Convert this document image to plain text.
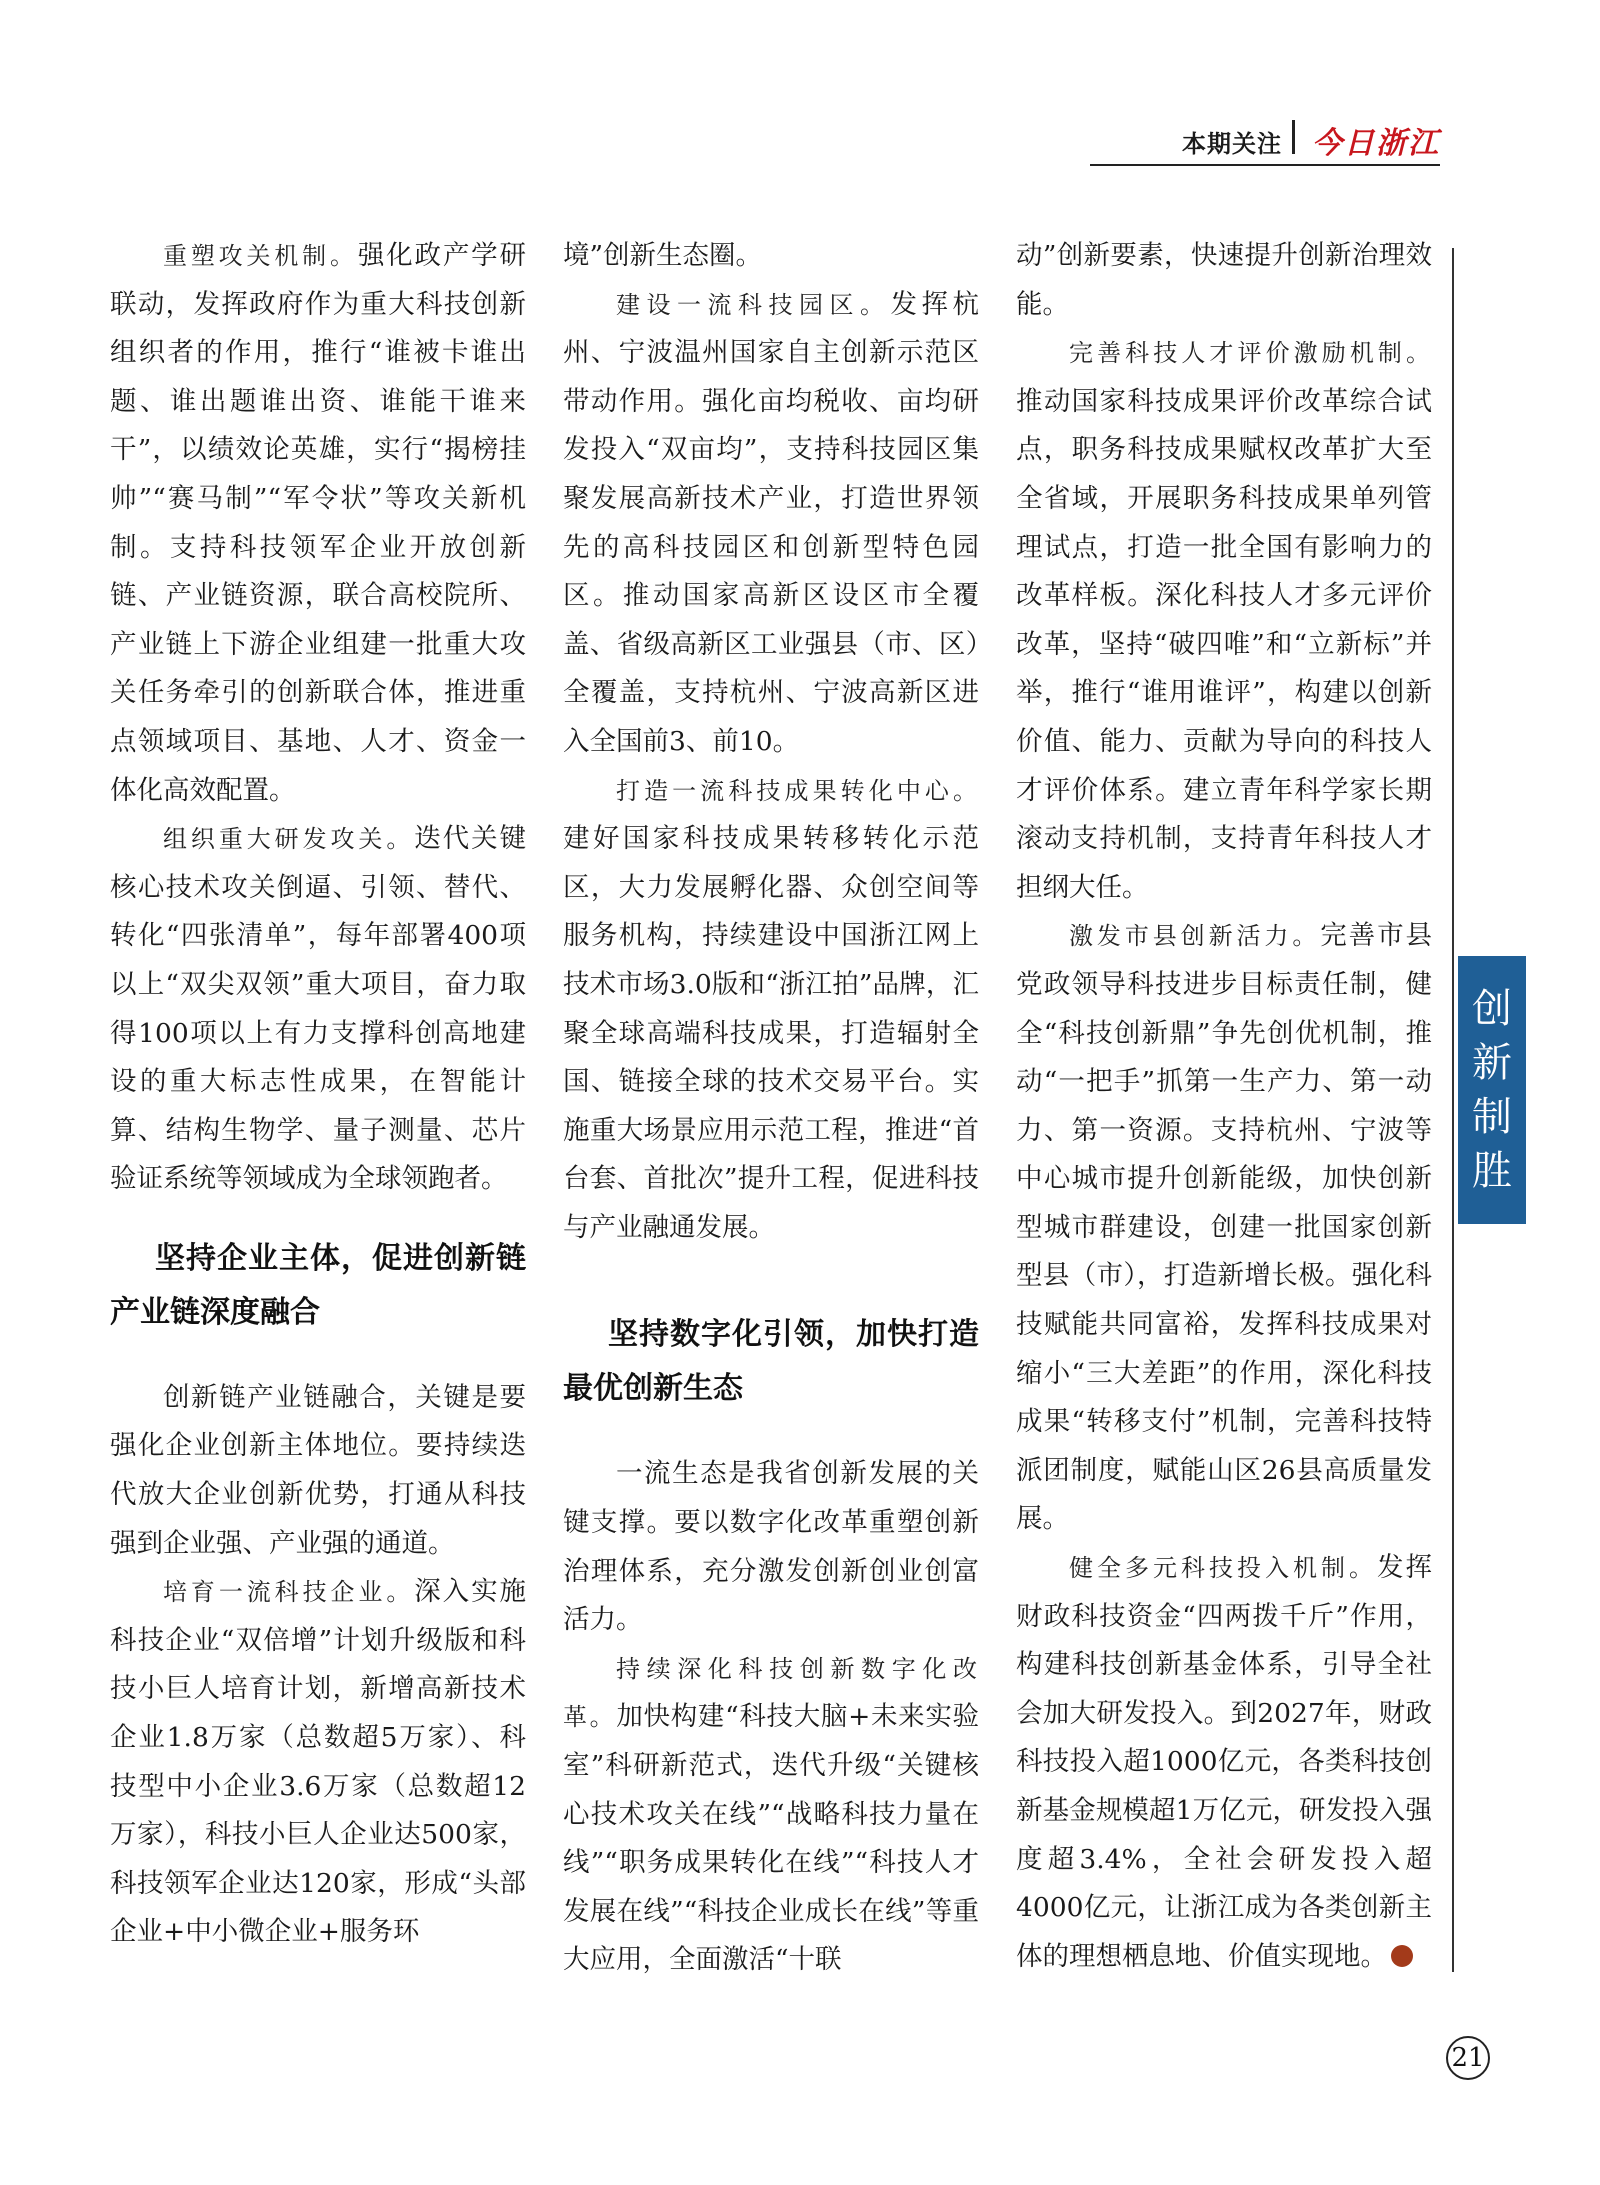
本期关注 今日浙江

重塑攻关机制。强化政产学研联动，发挥政府作为重大科技创新组织者的作用，推行“谁被卡谁出题、谁出题谁出资、谁能干谁来干”，以绩效论英雄，实行“揭榜挂帅”“赛马制”“军令状”等攻关新机制。支持科技领军企业开放创新链、产业链资源，联合高校院所、产业链上下游企业组建一批重大攻关任务牵引的创新联合体，推进重点领域项目、基地、人才、资金一体化高效配置。

组织重大研发攻关。迭代关键核心技术攻关倒逼、引领、替代、转化“四张清单”，每年部署400项以上“双尖双领”重大项目，奋力取得100项以上有力支撑科创高地建设的重大标志性成果，在智能计算、结构生物学、量子测量、芯片验证系统等领域成为全球领跑者。

坚持企业主体，促进创新链产业链深度融合

创新链产业链融合，关键是要强化企业创新主体地位。要持续迭代放大企业创新优势，打通从科技强到企业强、产业强的通道。

培育一流科技企业。深入实施科技企业“双倍增”计划升级版和科技小巨人培育计划，新增高新技术企业1.8万家（总数超5万家）、科技型中小企业3.6万家（总数超12万家），科技小巨人企业达500家，科技领军企业达120家，形成“头部企业+中小微企业+服务环

境”创新生态圈。

建设一流科技园区。发挥杭州、宁波温州国家自主创新示范区带动作用。强化亩均税收、亩均研发投入“双亩均”，支持科技园区集聚发展高新技术产业，打造世界领先的高科技园区和创新型特色园区。推动国家高新区设区市全覆盖、省级高新区工业强县（市、区）全覆盖，支持杭州、宁波高新区进入全国前3、前10。

打造一流科技成果转化中心。建好国家科技成果转移转化示范区，大力发展孵化器、众创空间等服务机构，持续建设中国浙江网上技术市场3.0版和“浙江拍”品牌，汇聚全球高端科技成果，打造辐射全国、链接全球的技术交易平台。实施重大场景应用示范工程，推进“首台套、首批次”提升工程，促进科技与产业融通发展。

坚持数字化引领，加快打造最优创新生态

一流生态是我省创新发展的关键支撑。要以数字化改革重塑创新治理体系，充分激发创新创业创富活力。

持续深化科技创新数字化改革。加快构建“科技大脑+未来实验室”科研新范式，迭代升级“关键核心技术攻关在线”“战略科技力量在线”“职务成果转化在线”“科技人才发展在线”“科技企业成长在线”等重大应用，全面激活“十联

动”创新要素，快速提升创新治理效能。

完善科技人才评价激励机制。推动国家科技成果评价改革综合试点，职务科技成果赋权改革扩大至全省域，开展职务科技成果单列管理试点，打造一批全国有影响力的改革样板。深化科技人才多元评价改革，坚持“破四唯”和“立新标”并举，推行“谁用谁评”，构建以创新价值、能力、贡献为导向的科技人才评价体系。建立青年科学家长期滚动支持机制，支持青年科技人才担纲大任。

激发市县创新活力。完善市县党政领导科技进步目标责任制，健全“科技创新鼎”争先创优机制，推动“一把手”抓第一生产力、第一动力、第一资源。支持杭州、宁波等中心城市提升创新能级，加快创新型城市群建设，创建一批国家创新型县（市），打造新增长极。强化科技赋能共同富裕，发挥科技成果对缩小“三大差距”的作用，深化科技成果“转移支付”机制，完善科技特派团制度，赋能山区26县高质量发展。

健全多元科技投入机制。发挥财政科技资金“四两拨千斤”作用，构建科技创新基金体系，引导全社会加大研发投入。到2027年，财政科技投入超1000亿元，各类科技创新基金规模超1万亿元，研发投入强度超3.4%，全社会研发投入超4000亿元，让浙江成为各类创新主体的理想栖息地、价值实现地。

创
新
制
胜
21
